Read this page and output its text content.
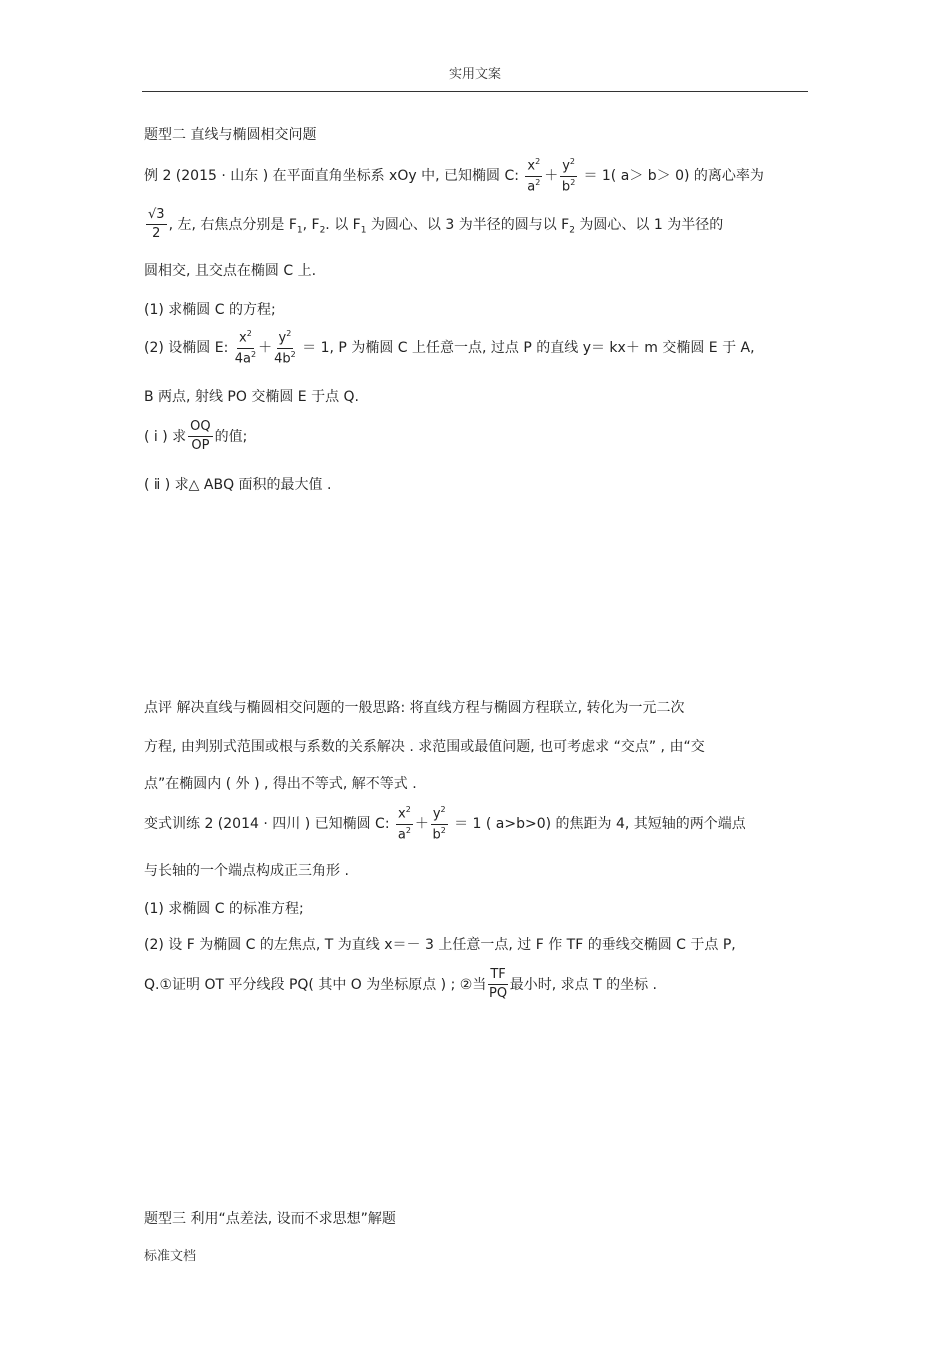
实用文案
题型二 直线与椭圆相交问题
例 2 (2015 · 山东 ) 在平面直角坐标系 xOy 中, 已知椭圆 C: $\frac{x^2}{a^2} + \frac{y^2}{b^2} = 1$( a＞ b＞ 0) 的离心率为
$\frac{√3}{2}$ , 左, 右焦点分别是 $F_1$, $F_2$. 以 $F_1$ 为圆心、以 3 为半径的圆与以 $F_2$ 为圆心、以 1 为半径的
圆相交, 且交点在椭圆 C 上.
(1) 求椭圆 C 的方程;
(2) 设椭圆 E: $\frac{x^2}{4a^2} + \frac{y^2}{4b^2} = 1$, P 为椭圆 C 上任意一点, 过点 P 的直线 y＝ kx＋ m 交椭圆 E 于 A,
B 两点, 射线 PO 交椭圆 E 于点 Q.
( ⅰ ) 求 $\frac{OQ}{OP}$ 的值;
( ⅱ ) 求△ ABQ 面积的最大值 .
点评 解决直线与椭圆相交问题的一般思路: 将直线方程与椭圆方程联立, 转化为一元二次
方程, 由判别式范围或根与系数的关系解决 . 求范围或最值问题, 也可考虑求 “交点” , 由“交
点”在椭圆内 ( 外 ) , 得出不等式, 解不等式 .
变式训练 2 (2014 · 四川 ) 已知椭圆 C: $\frac{x^2}{a^2} + \frac{y^2}{b^2} = 1$ ( a>b>0) 的焦距为 4, 其短轴的两个端点
与长轴的一个端点构成正三角形 .
(1) 求椭圆 C 的标准方程;
(2) 设 F 为椭圆 C 的左焦点, T 为直线 x＝－ 3 上任意一点, 过 F 作 TF 的垂线交椭圆 C 于点 P,
Q.①证明 OT 平分线段 PQ( 其中 O 为坐标原点 ) ; ②当 $\frac{TF}{PQ}$ 最小时, 求点 T 的坐标 .
题型三 利用“点差法, 设而不求思想”解题
标准文档
